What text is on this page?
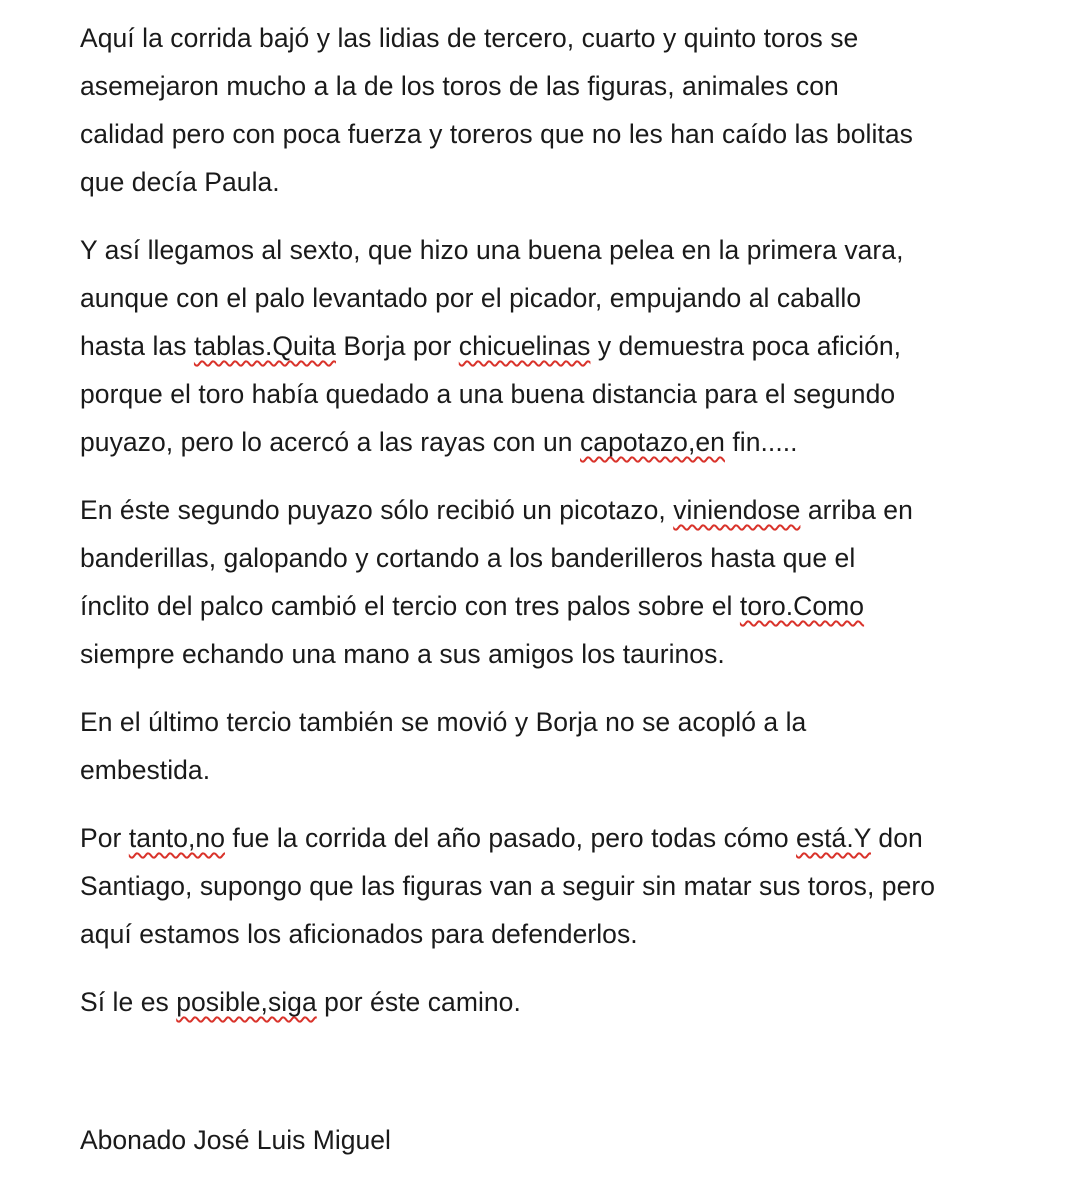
Aquí la corrida bajó y las lidias de tercero, cuarto y quinto toros se
asemejaron mucho a la de los toros de las figuras, animales con
calidad pero con poca fuerza y toreros que no les han caído las bolitas
que decía Paula.
Y así llegamos al sexto, que hizo una buena pelea en la primera vara,
aunque con el palo levantado por el picador, empujando al caballo
hasta las tablas.Quita Borja por chicuelinas y demuestra poca afición,
porque el toro había quedado a una buena distancia para el segundo
puyazo, pero lo acercó a las rayas con un capotazo,en fin.....
En éste segundo puyazo sólo recibió un picotazo, viniendose arriba en
banderillas, galopando y cortando a los banderilleros hasta que el
ínclito del palco cambió el tercio con tres palos sobre el toro.Como
siempre echando una mano a sus amigos los taurinos.
En el último tercio también se movió y Borja no se acopló a la
embestida.
Por tanto,no fue la corrida del año pasado, pero todas cómo está.Y don
Santiago, supongo que las figuras van a seguir sin matar sus toros, pero
aquí estamos los aficionados para defenderlos.
Sí le es posible,siga por éste camino.
Abonado José Luis Miguel
